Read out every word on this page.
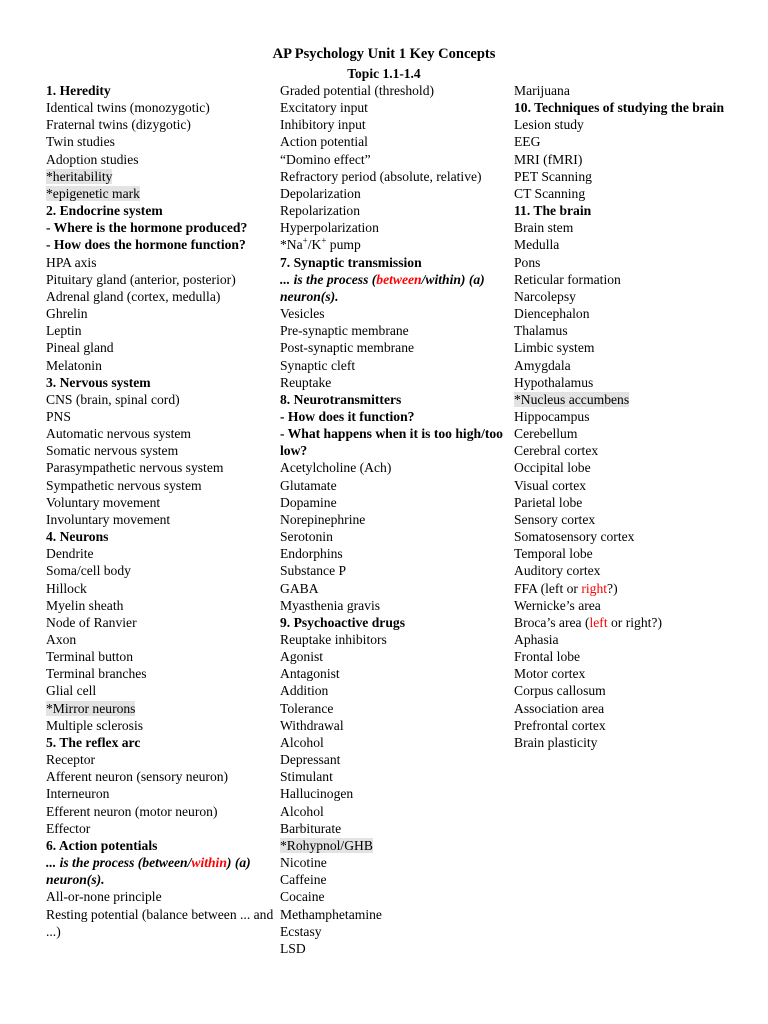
AP Psychology Unit 1 Key Concepts
Topic 1.1-1.4
1. Heredity
Identical twins (monozygotic)
Fraternal twins (dizygotic)
Twin studies
Adoption studies
*heritability
*epigenetic mark
2. Endocrine system
- Where is the hormone produced?
- How does the hormone function?
HPA axis
Pituitary gland (anterior, posterior)
Adrenal gland (cortex, medulla)
Ghrelin
Leptin
Pineal gland
Melatonin
3. Nervous system
CNS (brain, spinal cord)
PNS
Automatic nervous system
Somatic nervous system
Parasympathetic nervous system
Sympathetic nervous system
Voluntary movement
Involuntary movement
4. Neurons
Dendrite
Soma/cell body
Hillock
Myelin sheath
Node of Ranvier
Axon
Terminal button
Terminal branches
Glial cell
*Mirror neurons
Multiple sclerosis
5. The reflex arc
Receptor
Afferent neuron (sensory neuron)
Interneuron
Efferent neuron (motor neuron)
Effector
6. Action potentials
... is the process (between/within) (a) neuron(s).
All-or-none principle
Resting potential (balance between ... and ...)
Graded potential (threshold)
Excitatory input
Inhibitory input
Action potential
“Domino effect”
Refractory period (absolute, relative)
Depolarization
Repolarization
Hyperpolarization
*Na+/K+ pump
7. Synaptic transmission
... is the process (between/within) (a) neuron(s).
Vesicles
Pre-synaptic membrane
Post-synaptic membrane
Synaptic cleft
Reuptake
8. Neurotransmitters
- How does it function?
- What happens when it is too high/too low?
Acetylcholine (Ach)
Glutamate
Dopamine
Norepinephrine
Serotonin
Endorphins
Substance P
GABA
Myasthenia gravis
9. Psychoactive drugs
Reuptake inhibitors
Agonist
Antagonist
Addition
Tolerance
Withdrawal
Alcohol
Depressant
Stimulant
Hallucinogen
Alcohol
Barbiturate
*Rohypnol/GHB
Nicotine
Caffeine
Cocaine
Methamphetamine
Ecstasy
LSD
Marijuana
10. Techniques of studying the brain
Lesion study
EEG
MRI (fMRI)
PET Scanning
CT Scanning
11. The brain
Brain stem
Medulla
Pons
Reticular formation
Narcolepsy
Diencephalon
Thalamus
Limbic system
Amygdala
Hypothalamus
*Nucleus accumbens
Hippocampus
Cerebellum
Cerebral cortex
Occipital lobe
Visual cortex
Parietal lobe
Sensory cortex
Somatosensory cortex
Temporal lobe
Auditory cortex
FFA (left or right?)
Wernicke’s area
Broca’s area (left or right?)
Aphasia
Frontal lobe
Motor cortex
Corpus callosum
Association area
Prefrontal cortex
Brain plasticity
